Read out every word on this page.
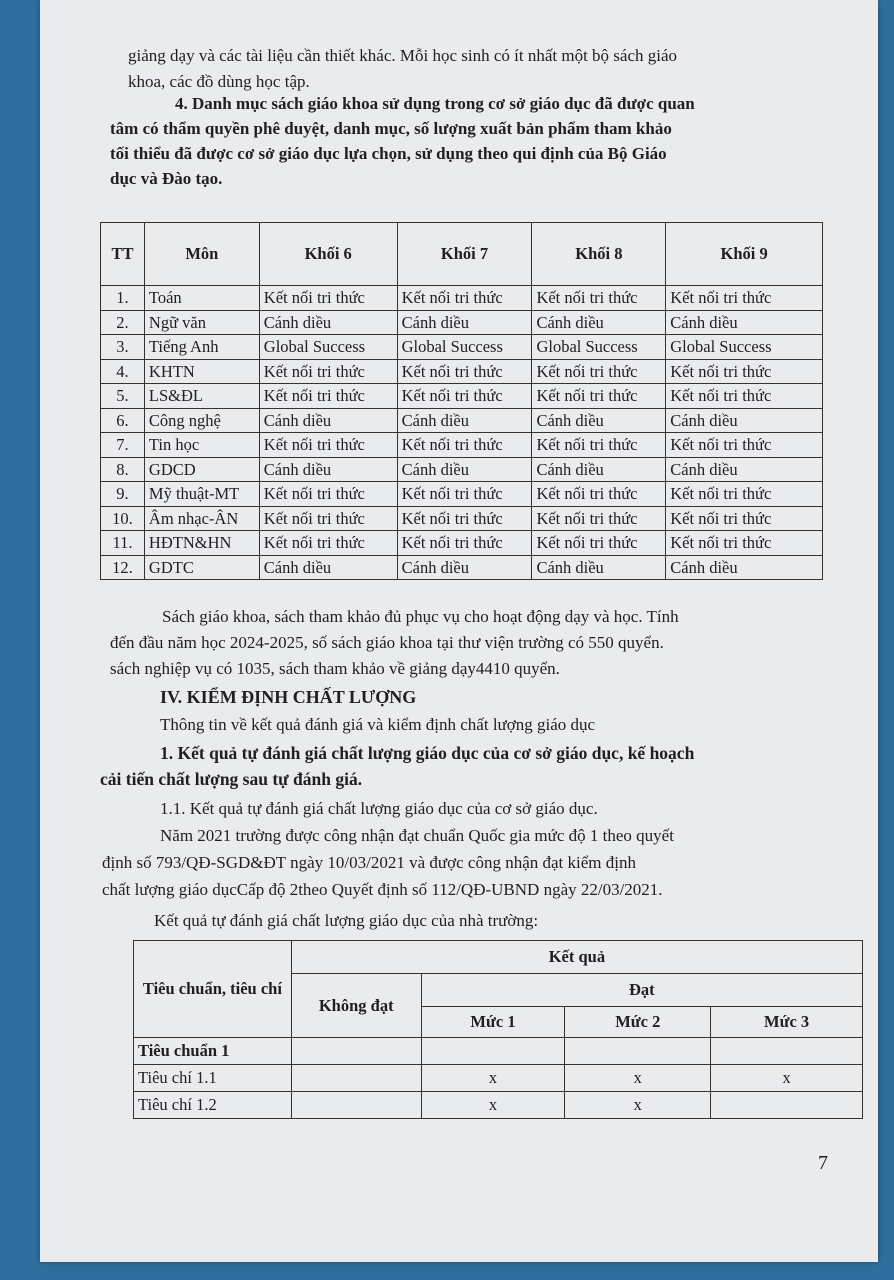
giảng dạy và các tài liệu cần thiết khác. Mỗi học sinh có ít nhất một bộ sách giáo
khoa, các đồ dùng học tập.
4. Danh mục sách giáo khoa sử dụng trong cơ sở giáo dục đã được quan
tâm có thẩm quyền phê duyệt, danh mục, số lượng xuất bản phẩm tham khảo
tối thiểu đã được cơ sở giáo dục lựa chọn, sử dụng theo qui định của Bộ Giáo
dục và Đào tạo.
TT	Môn	Khối 6	Khối 7	Khối 8	Khối 9
1.	Toán	Kết nối tri thức	Kết nối tri thức	Kết nối tri thức	Kết nối tri thức
2.	Ngữ văn	Cánh diều	Cánh diều	Cánh diều	Cánh diều
3.	Tiếng Anh	Global Success	Global Success	Global Success	Global Success
4.	KHTN	Kết nối tri thức	Kết nối tri thức	Kết nối tri thức	Kết nối tri thức
5.	LS&ĐL	Kết nối tri thức	Kết nối tri thức	Kết nối tri thức	Kết nối tri thức
6.	Công nghệ	Cánh diều	Cánh diều	Cánh diều	Cánh diều
7.	Tin học	Kết nối tri thức	Kết nối tri thức	Kết nối tri thức	Kết nối tri thức
8.	GDCD	Cánh diều	Cánh diều	Cánh diều	Cánh diều
9.	Mỹ thuật-MT	Kết nối tri thức	Kết nối tri thức	Kết nối tri thức	Kết nối tri thức
10.	Âm nhạc-ÂN	Kết nối tri thức	Kết nối tri thức	Kết nối tri thức	Kết nối tri thức
11.	HĐTN&HN	Kết nối tri thức	Kết nối tri thức	Kết nối tri thức	Kết nối tri thức
12.	GDTC	Cánh diều	Cánh diều	Cánh diều	Cánh diều
Sách giáo khoa, sách tham khảo đủ phục vụ cho hoạt động dạy và học. Tính
đến đầu năm học 2024-2025, số sách giáo khoa tại thư viện trường có 550 quyển.
sách nghiệp vụ có 1035, sách tham khảo về giảng dạy4410 quyển.
IV. KIỂM ĐỊNH CHẤT LƯỢNG
Thông tin về kết quả đánh giá và kiểm định chất lượng giáo dục
1. Kết quả tự đánh giá chất lượng giáo dục của cơ sở giáo dục, kế hoạch
cải tiến chất lượng sau tự đánh giá.
1.1. Kết quả tự đánh giá chất lượng giáo dục của cơ sở giáo dục.
Năm 2021 trường được công nhận đạt chuẩn Quốc gia mức độ 1 theo quyết
định số 793/QĐ-SGD&ĐT ngày 10/03/2021 và được công nhận đạt kiểm định
chất lượng giáo dụcCấp độ 2theo Quyết định số 112/QĐ-UBND ngày 22/03/2021.
Kết quả tự đánh giá chất lượng giáo dục của nhà trường:
Tiêu chuẩn, tiêu chí	Kết quả			
	Không đạt	Đạt		
		Mức 1	Mức 2	Mức 3
Tiêu chuẩn 1				
Tiêu chí 1.1		x	x	x
Tiêu chí 1.2		x	x	
7
